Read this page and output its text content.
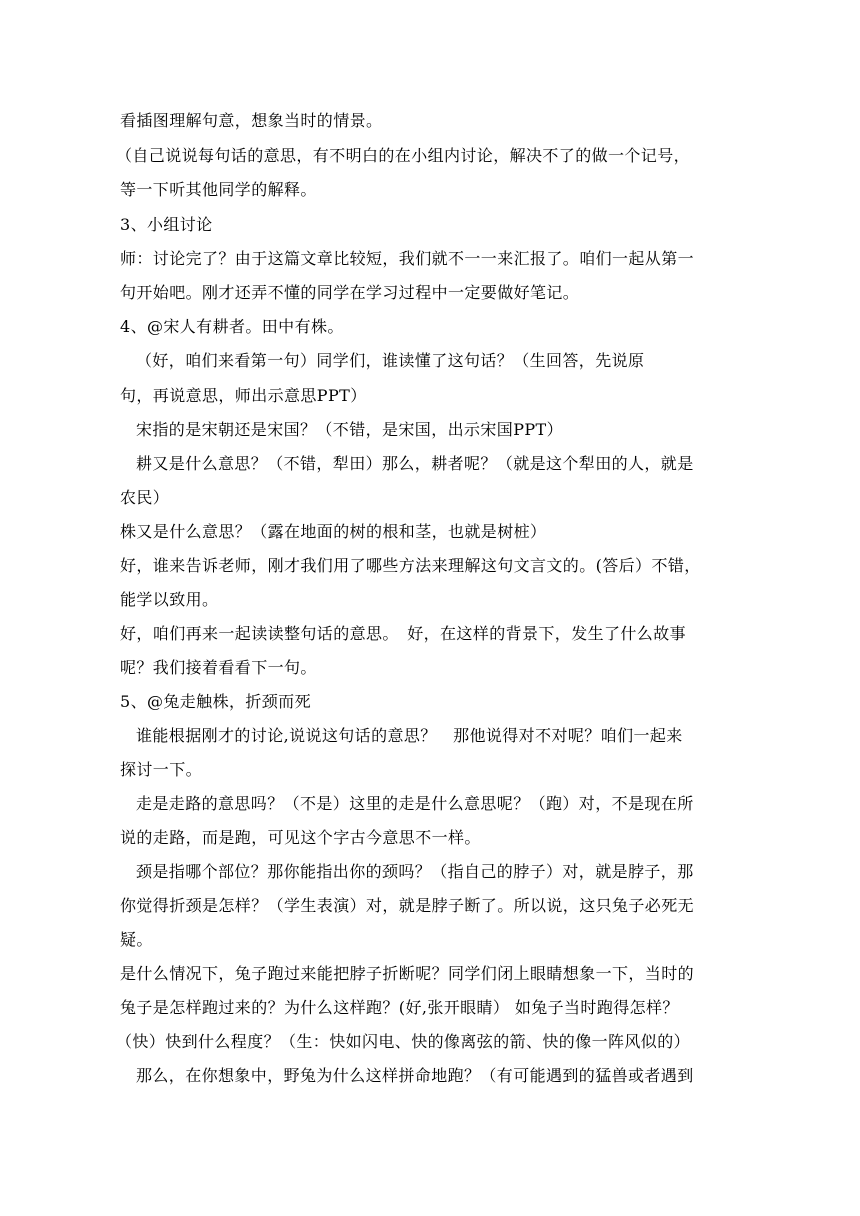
看插图理解句意，想象当时的情景。
（自己说说每句话的意思，有不明白的在小组内讨论，解决不了的做一个记号，
等一下听其他同学的解释。
3、小组讨论
师：讨论完了？由于这篇文章比较短，我们就不一一来汇报了。咱们一起从第一
句开始吧。刚才还弄不懂的同学在学习过程中一定要做好笔记。
4、@宋人有耕者。田中有株。
（好，咱们来看第一句）同学们，谁读懂了这句话？（生回答，先说原
句，再说意思，师出示意思PPT）
宋指的是宋朝还是宋国？（不错，是宋国，出示宋国PPT）
耕又是什么意思？（不错，犁田）那么，耕者呢？（就是这个犁田的人，就是
农民）
株又是什么意思？（露在地面的树的根和茎，也就是树桩）
好，谁来告诉老师，刚才我们用了哪些方法来理解这句文言文的。(答后）不错，
能学以致用。
好，咱们再来一起读读整句话的意思。　好，在这样的背景下，发生了什么故事
呢？我们接着看看下一句。
5、@兔走触株，折颈而死
谁能根据刚才的讨论,说说这句话的意思？　那他说得对不对呢？咱们一起来
探讨一下。
走是走路的意思吗？（不是）这里的走是什么意思呢？（跑）对，不是现在所
说的走路，而是跑，可见这个字古今意思不一样。
颈是指哪个部位？那你能指出你的颈吗？（指自己的脖子）对，就是脖子，那
你觉得折颈是怎样？（学生表演）对，就是脖子断了。所以说，这只兔子必死无
疑。
是什么情况下，兔子跑过来能把脖子折断呢？同学们闭上眼睛想象一下，当时的
兔子是怎样跑过来的？为什么这样跑？(好,张开眼睛） 如兔子当时跑得怎样？
（快）快到什么程度？（生：快如闪电、快的像离弦的箭、快的像一阵风似的）
那么，在你想象中，野兔为什么这样拼命地跑？（有可能遇到的猛兽或者遇到
